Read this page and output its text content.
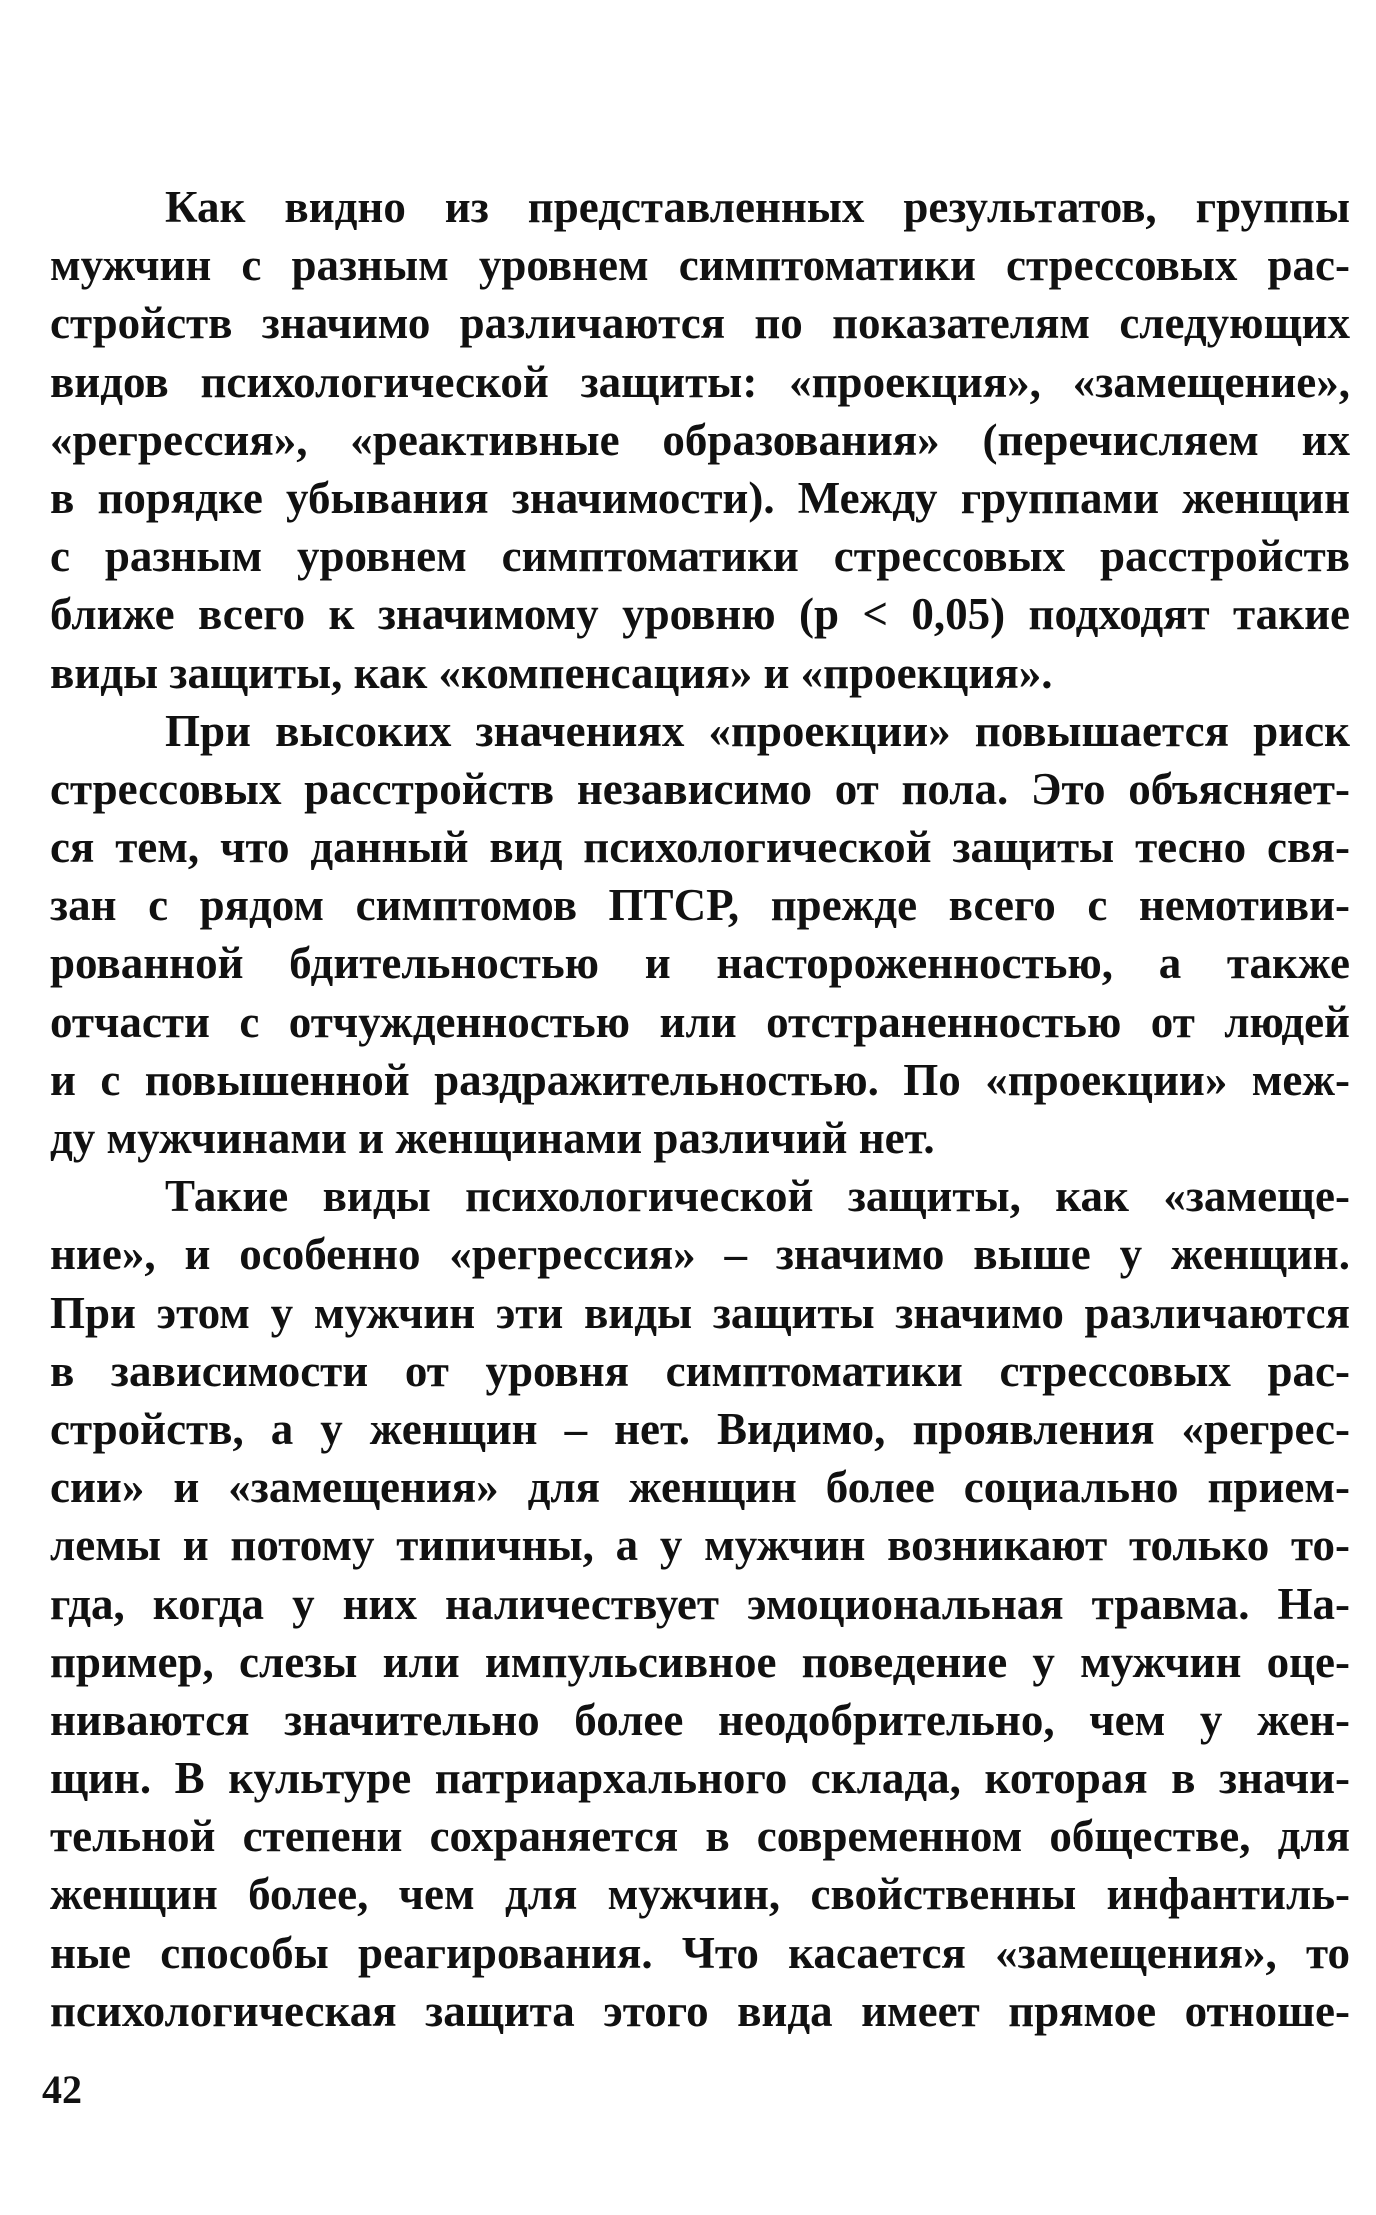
Как видно из представленных результатов, группы
мужчин с разным уровнем симптоматики стрессовых рас-
стройств значимо различаются по показателям следующих
видов психологической защиты: «проекция», «замещение»,
«регрессия», «реактивные образования» (перечисляем их
в порядке убывания значимости). Между группами женщин
с разным уровнем симптоматики стрессовых расстройств
ближе всего к значимому уровню (p < 0,05) подходят такие
виды защиты, как «компенсация» и «проекция».
При высоких значениях «проекции» повышается риск
стрессовых расстройств независимо от пола. Это объясняет-
ся тем, что данный вид психологической защиты тесно свя-
зан с рядом симптомов ПТСР, прежде всего с немотиви-
рованной бдительностью и настороженностью, а также
отчасти с отчужденностью или отстраненностью от людей
и с повышенной раздражительностью. По «проекции» меж-
ду мужчинами и женщинами различий нет.
Такие виды психологической защиты, как «замеще-
ние», и особенно «регрессия» – значимо выше у женщин.
При этом у мужчин эти виды защиты значимо различаются
в зависимости от уровня симптоматики стрессовых рас-
стройств, а у женщин – нет. Видимо, проявления «регрес-
сии» и «замещения» для женщин более социально прием-
лемы и потому типичны, а у мужчин возникают только то-
гда, когда у них наличествует эмоциональная травма. На-
пример, слезы или импульсивное поведение у мужчин оце-
ниваются значительно более неодобрительно, чем у жен-
щин. В культуре патриархального склада, которая в значи-
тельной степени сохраняется в современном обществе, для
женщин более, чем для мужчин, свойственны инфантиль-
ные способы реагирования. Что касается «замещения», то
психологическая защита этого вида имеет прямое отноше-
42
